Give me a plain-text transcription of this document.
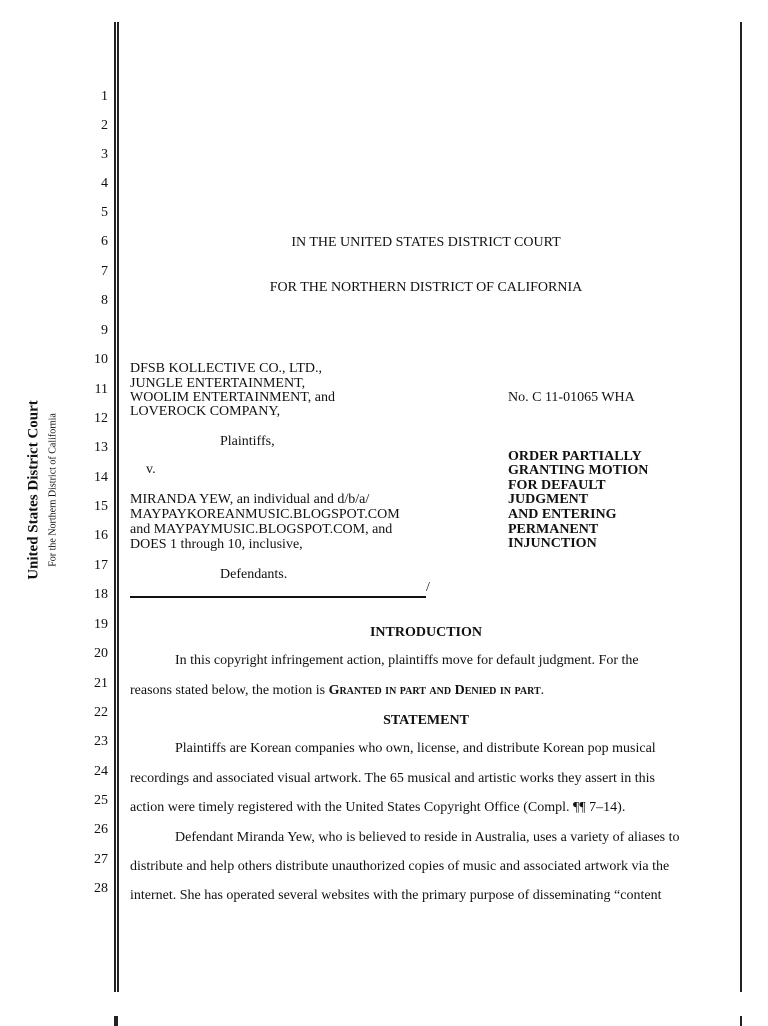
United States District Court For the Northern District of California
1
2
3
4
5
6
7
8
9
10
11
12
13
14
15
16
17
18
19
20
21
22
23
24
25
26
27
28
IN THE UNITED STATES DISTRICT COURT
FOR THE NORTHERN DISTRICT OF CALIFORNIA
DFSB KOLLECTIVE CO., LTD.,
JUNGLE ENTERTAINMENT,
WOOLIM ENTERTAINMENT, and
LOVEROCK COMPANY,
Plaintiffs,
v.
MIRANDA YEW, an individual and d/b/a/
MAYPAYKOREANMUSIC.BLOGSPOT.COM
and MAYPAYMUSIC.BLOGSPOT.COM, and
DOES 1 through 10, inclusive,
Defendants.
/
No. C 11-01065 WHA
ORDER PARTIALLY
GRANTING MOTION
FOR DEFAULT
JUDGMENT
AND ENTERING
PERMANENT
INJUNCTION
INTRODUCTION
In this copyright infringement action, plaintiffs move for default judgment. For the
reasons stated below, the motion is Granted in part and Denied in part.
STATEMENT
Plaintiffs are Korean companies who own, license, and distribute Korean pop musical
recordings and associated visual artwork. The 65 musical and artistic works they assert in this
action were timely registered with the United States Copyright Office (Compl. ¶¶ 7–14).
Defendant Miranda Yew, who is believed to reside in Australia, uses a variety of aliases to
distribute and help others distribute unauthorized copies of music and associated artwork via the
internet. She has operated several websites with the primary purpose of disseminating “content
